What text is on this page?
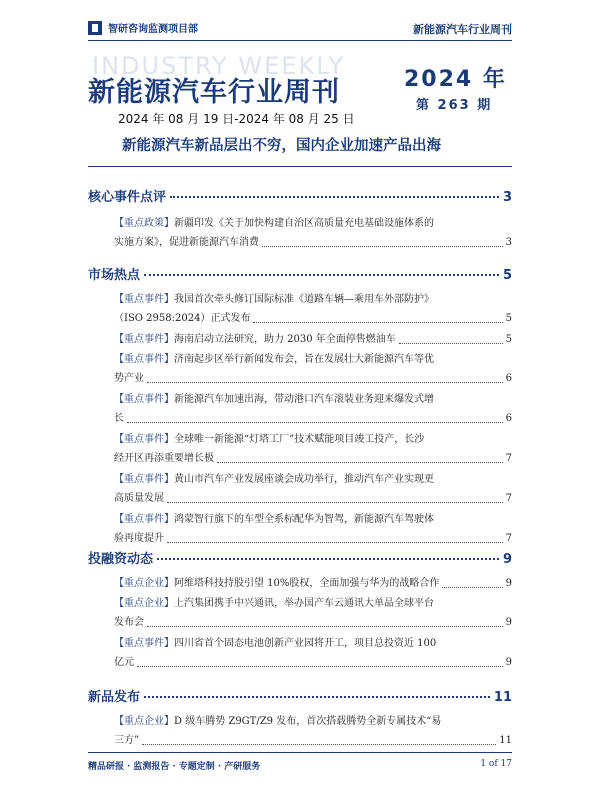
智研咨询监测项目部	新能源汽车行业周刊
INDUSTRY WEEKLY
新能源汽车行业周刊	2024 年
第 263 期
2024 年 08 月 19 日-2024 年 08 月 25 日
新能源汽车新品层出不穷，国内企业加速产品出海
核心事件点评	3
【重点政策】新疆印发《关于加快构建自治区高质量充电基础设施体系的
实施方案》，促进新能源汽车消费	3
市场热点	5
【重点事件】我国首次牵头修订国际标准《道路车辆—乘用车外部防护》
（ISO 2958:2024）正式发布	5
【重点事件】海南启动立法研究，助力 2030 年全面停售燃油车	5
【重点事件】济南起步区举行新闻发布会，旨在发展壮大新能源汽车等优
势产业	6
【重点事件】新能源汽车加速出海，带动港口汽车滚装业务迎来爆发式增
长	6
【重点事件】全球唯一新能源“灯塔工厂”技术赋能项目竣工投产，长沙
经开区再添重要增长极	7
【重点事件】黄山市汽车产业发展座谈会成功举行，推动汽车产业实现更
高质量发展	7
【重点事件】鸿蒙智行旗下的车型全系标配华为智驾，新能源汽车驾驶体
验再度提升	7
投融资动态	9
【重点企业】阿维塔科技持股引望 10%股权，全面加强与华为的战略合作	9
【重点企业】上汽集团携手中兴通讯，举办国产车云通讯大单品全球平台
发布会	9
【重点事件】四川省首个固态电池创新产业园将开工，项目总投资近 100
亿元	9
新品发布	11
【重点企业】D 级车腾势 Z9GT/Z9 发布，首次搭载腾势全新专属技术“易
三方”	11
精品研报 · 监测报告 · 专题定制 · 产研服务	1 of 17
